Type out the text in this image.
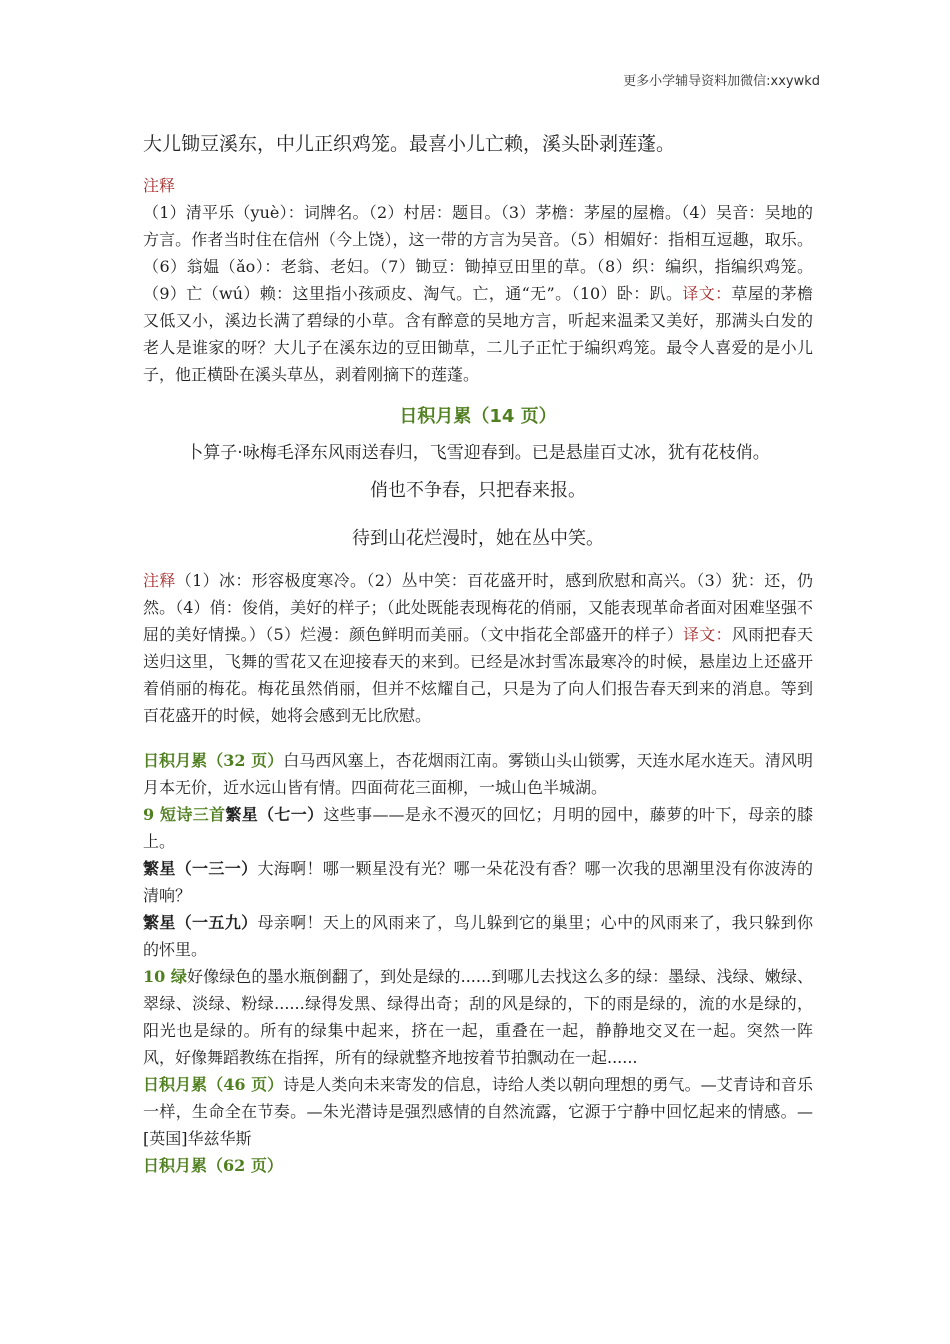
更多小学辅导资料加微信:xxywkd

大儿锄豆溪东，中儿正织鸡笼。最喜小儿亡赖，溪头卧剥莲蓬。

注释

（1）清平乐（yuè）：词牌名。（2）村居：题目。（3）茅檐：茅屋的屋檐。（4）吴音：吴地的方言。作者当时住在信州（今上饶），这一带的方言为吴音。（5）相媚好：指相互逗趣，取乐。（6）翁媪（ǎo）：老翁、老妇。（7）锄豆：锄掉豆田里的草。（8）织：编织，指编织鸡笼。（9）亡（wú）赖：这里指小孩顽皮、淘气。亡，通“无”。（10）卧：趴。译文：草屋的茅檐又低又小，溪边长满了碧绿的小草。含有醉意的吴地方言，听起来温柔又美好，那满头白发的老人是谁家的呀？大儿子在溪东边的豆田锄草，二儿子正忙于编织鸡笼。最令人喜爱的是小儿子，他正横卧在溪头草丛，剥着刚摘下的莲蓬。

日积月累（14 页）

卜算子·咏梅毛泽东风雨送春归，飞雪迎春到。已是悬崖百丈冰，犹有花枝俏。

俏也不争春，只把春来报。

待到山花烂漫时，她在丛中笑。

注释（1）冰：形容极度寒冷。（2）丛中笑：百花盛开时，感到欣慰和高兴。（3）犹：还，仍然。（4）俏：俊俏，美好的样子；（此处既能表现梅花的俏丽，又能表现革命者面对困难坚强不屈的美好情操。）（5）烂漫：颜色鲜明而美丽。（文中指花全部盛开的样子）译文：风雨把春天送归这里，飞舞的雪花又在迎接春天的来到。已经是冰封雪冻最寒冷的时候，悬崖边上还盛开着俏丽的梅花。梅花虽然俏丽，但并不炫耀自己，只是为了向人们报告春天到来的消息。等到百花盛开的时候，她将会感到无比欣慰。

日积月累（32 页）白马西风塞上，杏花烟雨江南。雾锁山头山锁雾，天连水尾水连天。清风明月本无价，近水远山皆有情。四面荷花三面柳，一城山色半城湖。

9 短诗三首繁星（七一）这些事——是永不漫灭的回忆；月明的园中，藤萝的叶下，母亲的膝上。

繁星（一三一）大海啊！哪一颗星没有光？哪一朵花没有香？哪一次我的思潮里没有你波涛的清响？

繁星（一五九）母亲啊！天上的风雨来了，鸟儿躲到它的巢里；心中的风雨来了，我只躲到你的怀里。

10 绿好像绿色的墨水瓶倒翻了，到处是绿的......到哪儿去找这么多的绿：墨绿、浅绿、嫩绿、翠绿、淡绿、粉绿......绿得发黑、绿得出奇；刮的风是绿的，下的雨是绿的，流的水是绿的，阳光也是绿的。所有的绿集中起来，挤在一起，重叠在一起，静静地交叉在一起。突然一阵风，好像舞蹈教练在指挥，所有的绿就整齐地按着节拍飘动在一起......

日积月累（46 页）诗是人类向未来寄发的信息，诗给人类以朝向理想的勇气。—艾青诗和音乐一样，生命全在节奏。—朱光潜诗是强烈感情的自然流露，它源于宁静中回忆起来的情感。—[英国]华兹华斯

日积月累（62 页）
